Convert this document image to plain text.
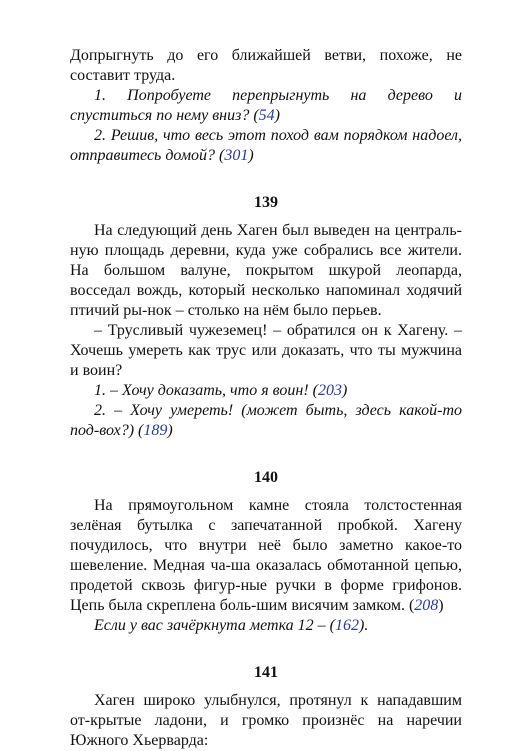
Допрыгнуть до его ближайшей ветви, похоже, не составит труда.

1. Попробуете перепрыгнуть на дерево и спуститься по нему вниз? (54)

2. Решив, что весь этот поход вам порядком надоел, отправитесь домой? (301)

139

На следующий день Хаген был выведен на централь-ную площадь деревни, куда уже собрались все жители. На большом валуне, покрытом шкурой леопарда, восседал вождь, который несколько напоминал ходячий птичий ры-нок – столько на нём было перьев.

– Трусливый чужеземец! – обратился он к Хагену. – Хочешь умереть как трус или доказать, что ты мужчина и воин?

1. – Хочу доказать, что я воин! (203)

2. – Хочу умереть! (может быть, здесь какой-то под-вох?) (189)

140

На прямоугольном камне стояла толстостенная зелёная бутылка с запечатанной пробкой. Хагену почудилось, что внутри неё было заметно какое-то шевеление. Медная ча-ша оказалась обмотанной цепью, продетой сквозь фигур-ные ручки в форме грифонов. Цепь была скреплена боль-шим висячим замком. (208)

Если у вас зачёркнута метка 12 – (162).

141

Хаген широко улыбнулся, протянул к нападавшим от-крытые ладони, и громко произнёс на наречии Южного Хьерварда:
